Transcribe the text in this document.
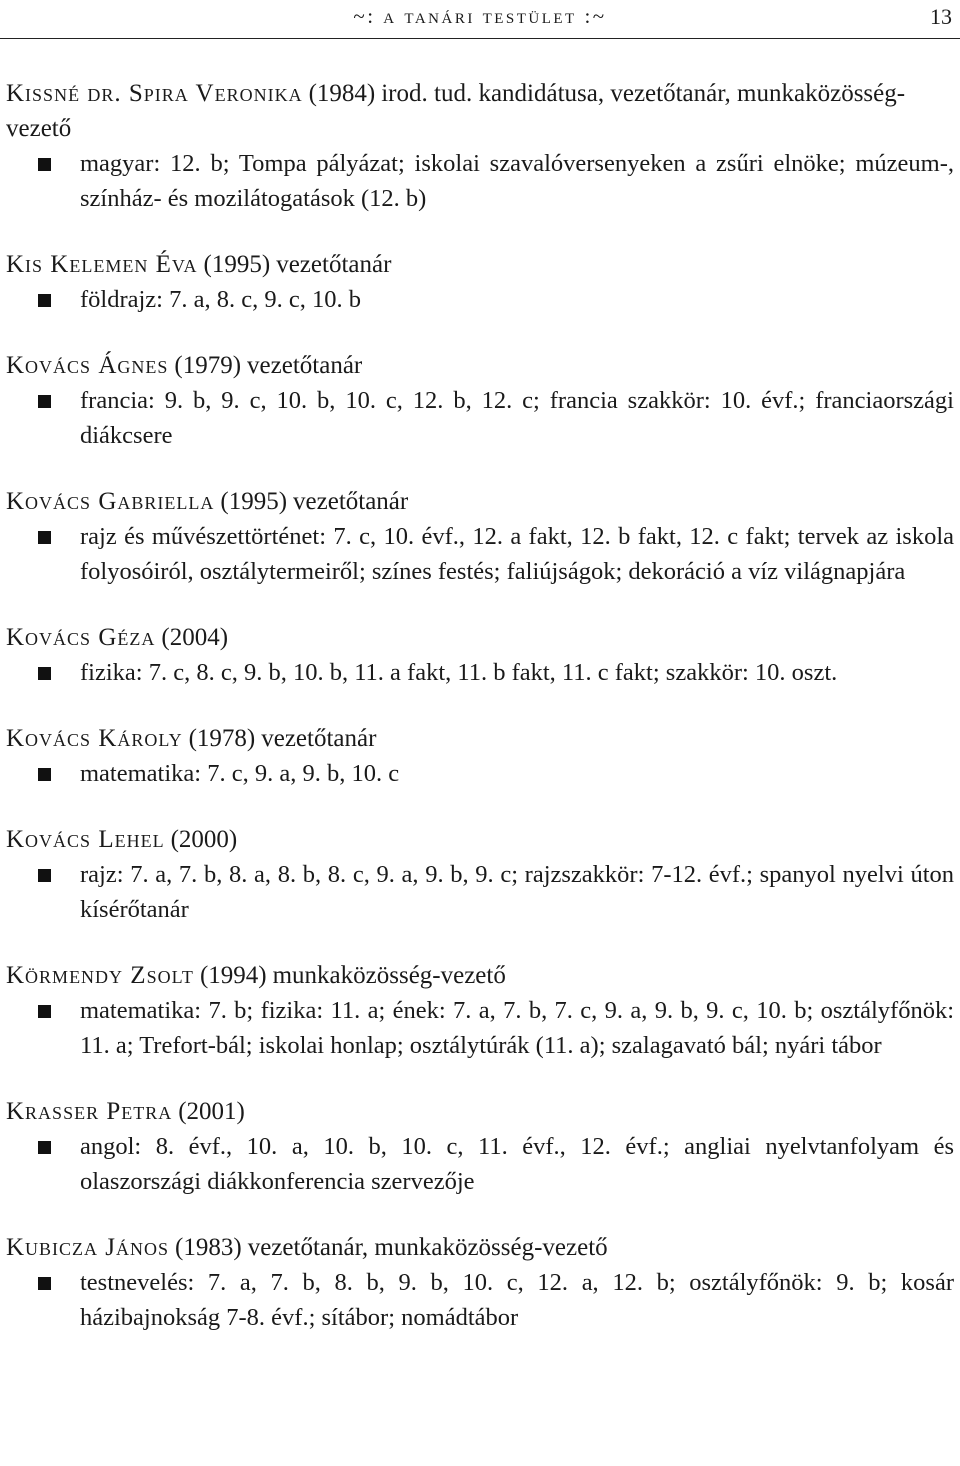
~: a tanári testület :~	13
Kissné dr. Spira Veronika (1984) irod. tud. kandidátusa, vezetőtanár, munkaközösség-vezető
magyar: 12. b; Tompa pályázat; iskolai szavalóversenyeken a zsűri elnöke; múzeum-, színház- és mozilátogatások (12. b)
Kis Kelemen Éva (1995) vezetőtanár
földrajz: 7. a, 8. c, 9. c, 10. b
Kovács Ágnes (1979) vezetőtanár
francia: 9. b, 9. c, 10. b, 10. c, 12. b, 12. c; francia szakkör: 10. évf.; franciaországi diákcsere
Kovács Gabriella (1995) vezetőtanár
rajz és művészettörténet: 7. c, 10. évf., 12. a fakt, 12. b fakt, 12. c fakt; tervek az iskola folyosóiról, osztálytermeiről; színes festés; faliújságok; dekoráció a víz világnapjára
Kovács Géza (2004)
fizika: 7. c, 8. c, 9. b, 10. b, 11. a fakt, 11. b fakt, 11. c fakt; szakkör: 10. oszt.
Kovács Károly (1978) vezetőtanár
matematika: 7. c, 9. a, 9. b, 10. c
Kovács Lehel (2000)
rajz: 7. a, 7. b, 8. a, 8. b, 8. c, 9. a, 9. b, 9. c; rajzszakkör: 7-12. évf.; spanyol nyelvi úton kísérőtanár
Körmendy Zsolt (1994) munkaközösség-vezető
matematika: 7. b; fizika: 11. a; ének: 7. a, 7. b, 7. c, 9. a, 9. b, 9. c, 10. b; osztályfőnök: 11. a; Trefort-bál; iskolai honlap; osztálytúrák (11. a); szalagavató bál; nyári tábor
Krasser Petra (2001)
angol: 8. évf., 10. a, 10. b, 10. c, 11. évf., 12. évf.; angliai nyelvtanfolyam és olaszországi diákkonferencia szervezője
Kubicza János (1983) vezetőtanár, munkaközösség-vezető
testnevelés: 7. a, 7. b, 8. b, 9. b, 10. c, 12. a, 12. b; osztályfőnök: 9. b; kosár házibajnokság 7-8. évf.; sítábor; nomádtábor
